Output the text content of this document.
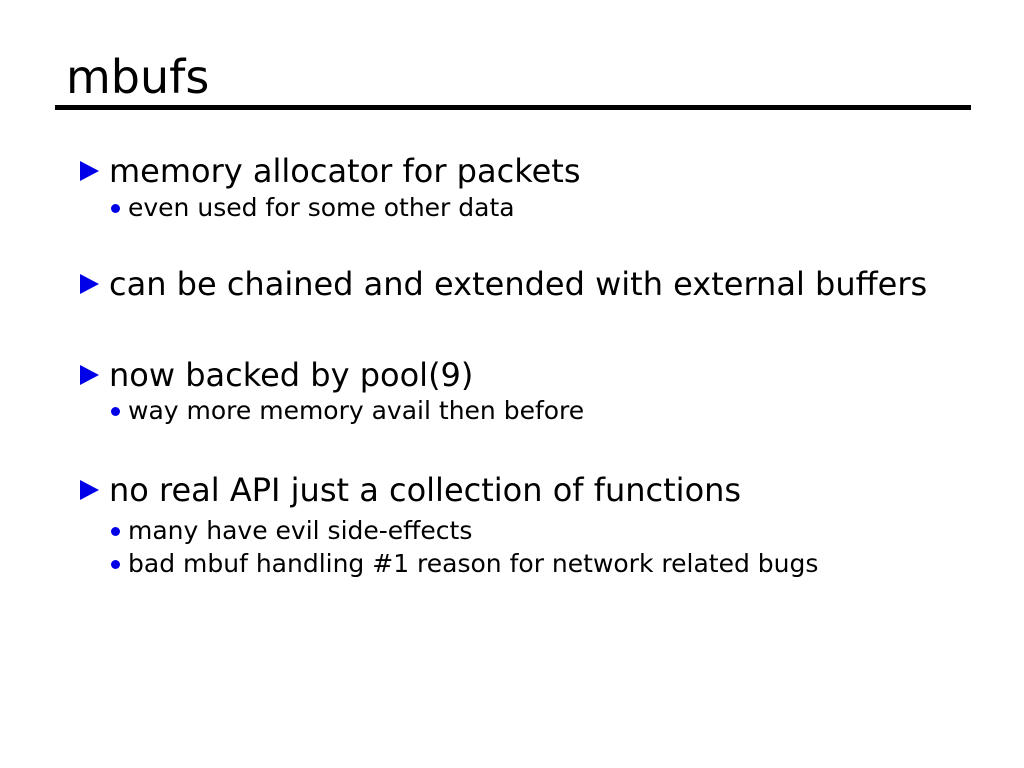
mbufs
memory allocator for packets
even used for some other data
can be chained and extended with external buffers
now backed by pool(9)
way more memory avail then before
no real API just a collection of functions
many have evil side-effects
bad mbuf handling #1 reason for network related bugs
